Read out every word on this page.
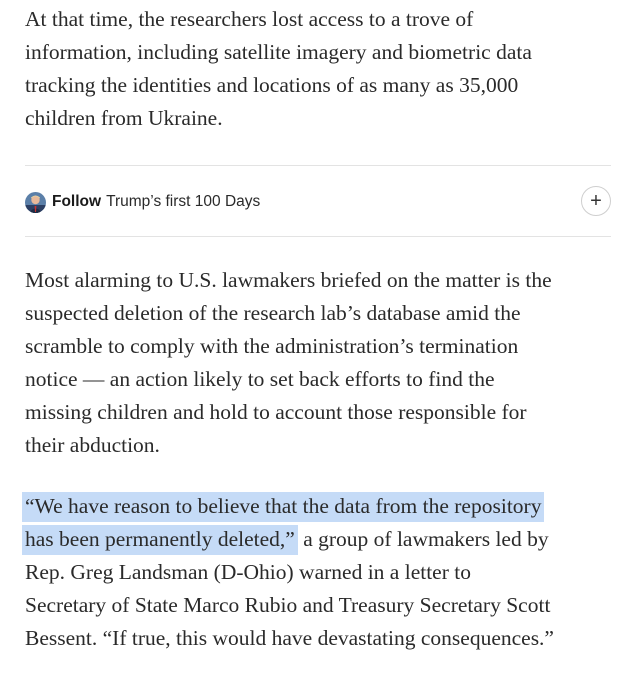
At that time, the researchers lost access to a trove of
information, including satellite imagery and biometric data
tracking the identities and locations of as many as 35,000
children from Ukraine.

Follow Trump’s first 100 Days	+

Most alarming to U.S. lawmakers briefed on the matter is the
suspected deletion of the research lab’s database amid the
scramble to comply with the administration’s termination
notice — an action likely to set back efforts to find the
missing children and hold to account those responsible for
their abduction.

“We have reason to believe that the data from the repository
has been permanently deleted,” a group of lawmakers led by
Rep. Greg Landsman (D-Ohio) warned in a letter to
Secretary of State Marco Rubio and Treasury Secretary Scott
Bessent. “If true, this would have devastating consequences.”
